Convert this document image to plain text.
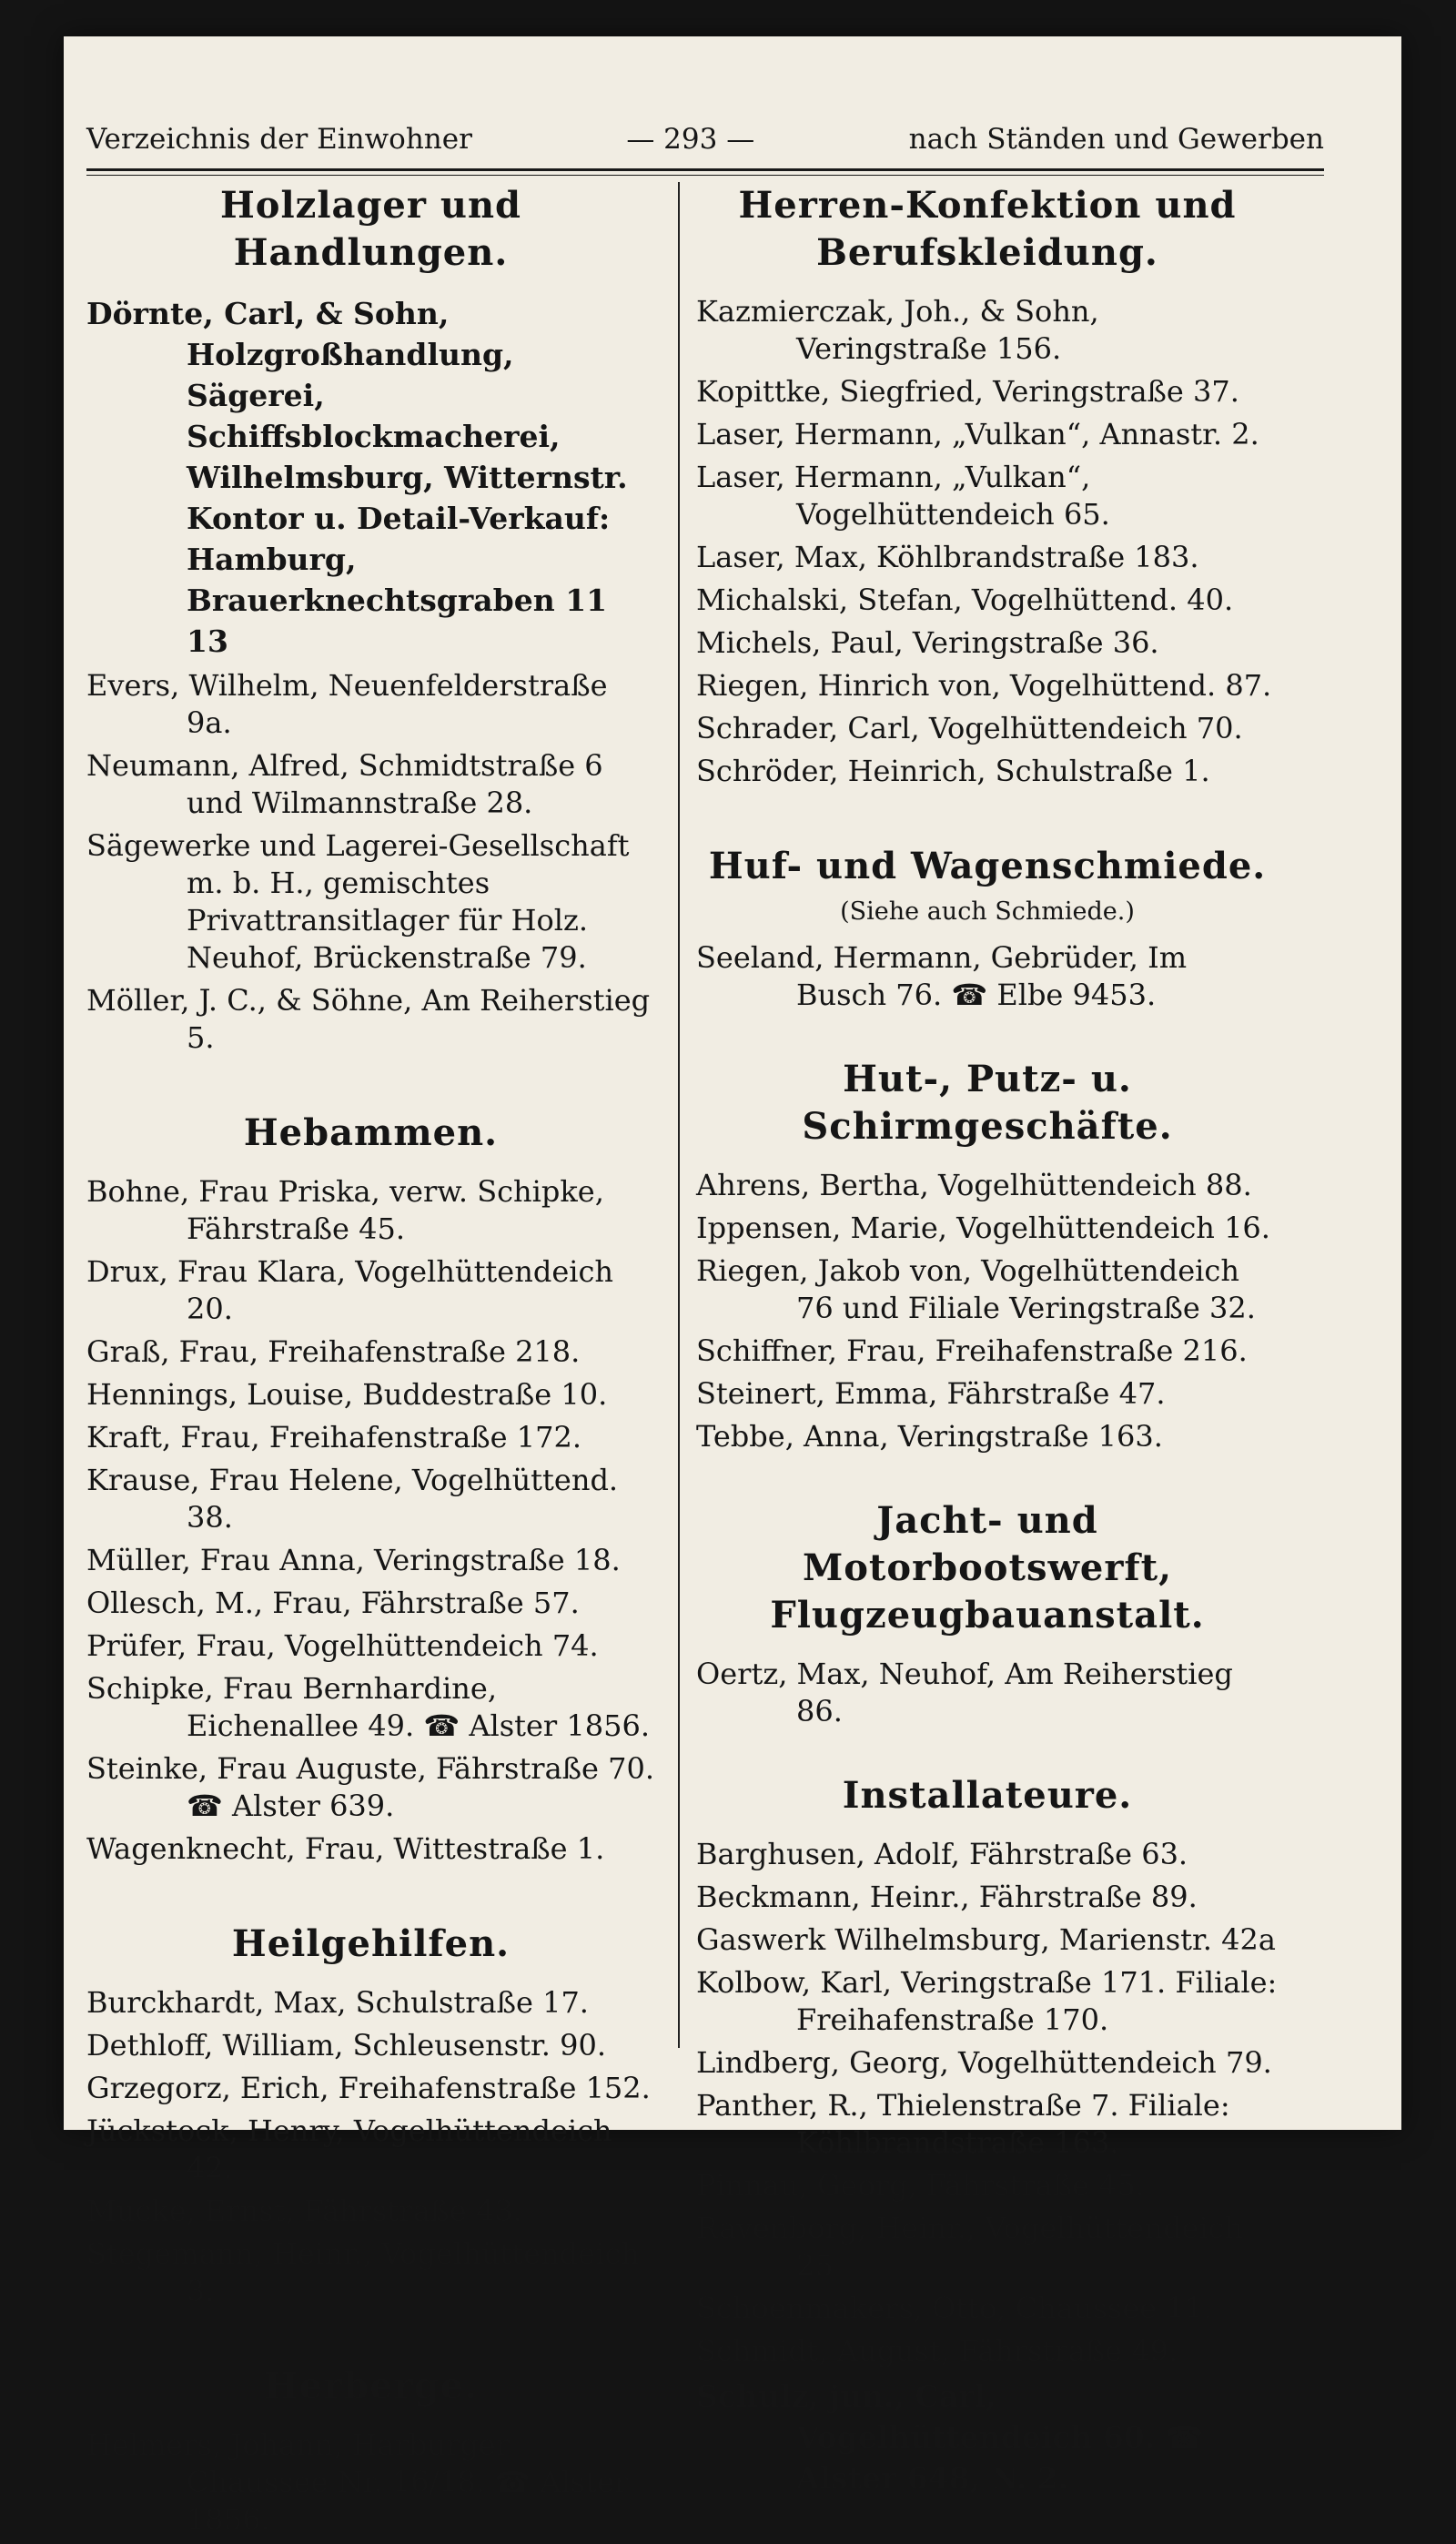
Verzeichnis der Einwohner	— 293 —	nach Ständen und Gewerben
Holzlager und Handlungen.
Dörnte, Carl, & Sohn, Holzgroßhandlung, Sägerei, Schiffsblockmacherei, Wilhelmsburg, Witternstr. Kontor u. Detail-Verkauf: Hamburg, Brauerknechtsgraben 11 13
Evers, Wilhelm, Neuenfelderstraße 9a.
Neumann, Alfred, Schmidtstraße 6 und Wilmannstraße 28.
Sägewerke und Lagerei-Gesellschaft m. b. H., gemischtes Privattransitlager für Holz. Neuhof, Brückenstraße 79.
Möller, J. C., & Söhne, Am Reiherstieg 5.
Hebammen.
Bohne, Frau Priska, verw. Schipke, Fährstraße 45.
Drux, Frau Klara, Vogelhüttendeich 20.
Graß, Frau, Freihafenstraße 218.
Hennings, Louise, Buddestraße 10.
Kraft, Frau, Freihafenstraße 172.
Krause, Frau Helene, Vogelhüttend. 38.
Müller, Frau Anna, Veringstraße 18.
Ollesch, M., Frau, Fährstraße 57.
Prüfer, Frau, Vogelhüttendeich 74.
Schipke, Frau Bernhardine, Eichenallee 49. ☎ Alster 1856.
Steinke, Frau Auguste, Fährstraße 70. ☎ Alster 639.
Wagenknecht, Frau, Wittestraße 1.
Heilgehilfen.
Burckhardt, Max, Schulstraße 17.
Dethloff, William, Schleusenstr. 90.
Grzegorz, Erich, Freihafenstraße 152.
Jückstock, Henry, Vogelhüttendeich 42.
Mucke, Ernst, Fährstraße 43.
Stegemann, Heinr., Vogelhüttendeich 3.
Herberge.
Helmers, Johann, Harburger Chaussee Nr. 16/18. ☎ Alster 1856.
Herren-Konfektion und Berufskleidung.
Kazmierczak, Joh., & Sohn, Veringstraße 156.
Kopittke, Siegfried, Veringstraße 37.
Laser, Hermann, „Vulkan“, Annastr. 2.
Laser, Hermann, „Vulkan“, Vogelhüttendeich 65.
Laser, Max, Köhlbrandstraße 183.
Michalski, Stefan, Vogelhüttend. 40.
Michels, Paul, Veringstraße 36.
Riegen, Hinrich von, Vogelhüttend. 87.
Schrader, Carl, Vogelhüttendeich 70.
Schröder, Heinrich, Schulstraße 1.
Huf- und Wagenschmiede.
(Siehe auch Schmiede.)
Seeland, Hermann, Gebrüder, Im Busch 76. ☎ Elbe 9453.
Hut-, Putz- u. Schirmgeschäfte.
Ahrens, Bertha, Vogelhüttendeich 88.
Ippensen, Marie, Vogelhüttendeich 16.
Riegen, Jakob von, Vogelhüttendeich 76 und Filiale Veringstraße 32.
Schiffner, Frau, Freihafenstraße 216.
Steinert, Emma, Fährstraße 47.
Tebbe, Anna, Veringstraße 163.
Jacht- und Motorbootswerft, Flugzeugbauanstalt.
Oertz, Max, Neuhof, Am Reiherstieg 86.
Installateure.
Barghusen, Adolf, Fährstraße 63.
Beckmann, Heinr., Fährstraße 89.
Gaswerk Wilhelmsburg, Marienstr. 42a
Kolbow, Karl, Veringstraße 171. Filiale: Freihafenstraße 170.
Lindberg, Georg, Vogelhüttendeich 79.
Panther, R., Thielenstraße 7. Filiale: Köhlbrandstraße 163.
Pinnau, Georg, Fährstraße 45.
Ravenborg, Heinr., Vogelhüttendeich 25
Schoenmakers, Otto, Chaussee 11.
Schmidt, August, Fährstraße 49.
Schulz, jun., Carl, Vogelhüttendeich 60. ☎ Alster 648, N. 2.
